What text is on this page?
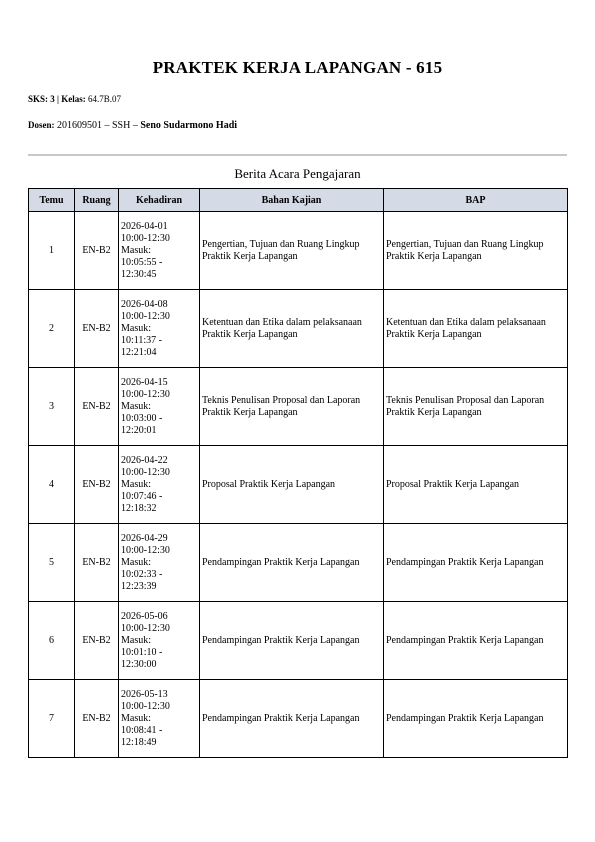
PRAKTEK KERJA LAPANGAN - 615
SKS: 3 | Kelas: 64.7B.07
Dosen: 201609501 – SSH – Seno Sudarmono Hadi
Berita Acara Pengajaran
Temu	Ruang	Kehadiran	Bahan Kajian	BAP
1	EN-B2	2026-04-01
10:00-12:30
Masuk:
10:05:55 -
12:30:45	Pengertian, Tujuan dan Ruang Lingkup Praktik Kerja Lapangan	Pengertian, Tujuan dan Ruang Lingkup Praktik Kerja Lapangan
2	EN-B2	2026-04-08
10:00-12:30
Masuk:
10:11:37 -
12:21:04	Ketentuan dan Etika dalam pelaksanaan Praktik Kerja Lapangan	Ketentuan dan Etika dalam pelaksanaan Praktik Kerja Lapangan
3	EN-B2	2026-04-15
10:00-12:30
Masuk:
10:03:00 -
12:20:01	Teknis Penulisan Proposal dan Laporan Praktik Kerja Lapangan	Teknis Penulisan Proposal dan Laporan Praktik Kerja Lapangan
4	EN-B2	2026-04-22
10:00-12:30
Masuk:
10:07:46 -
12:18:32	Proposal Praktik Kerja Lapangan	Proposal Praktik Kerja Lapangan
5	EN-B2	2026-04-29
10:00-12:30
Masuk:
10:02:33 -
12:23:39	Pendampingan Praktik Kerja Lapangan	Pendampingan Praktik Kerja Lapangan
6	EN-B2	2026-05-06
10:00-12:30
Masuk:
10:01:10 -
12:30:00	Pendampingan Praktik Kerja Lapangan	Pendampingan Praktik Kerja Lapangan
7	EN-B2	2026-05-13
10:00-12:30
Masuk:
10:08:41 -
12:18:49	Pendampingan Praktik Kerja Lapangan	Pendampingan Praktik Kerja Lapangan
